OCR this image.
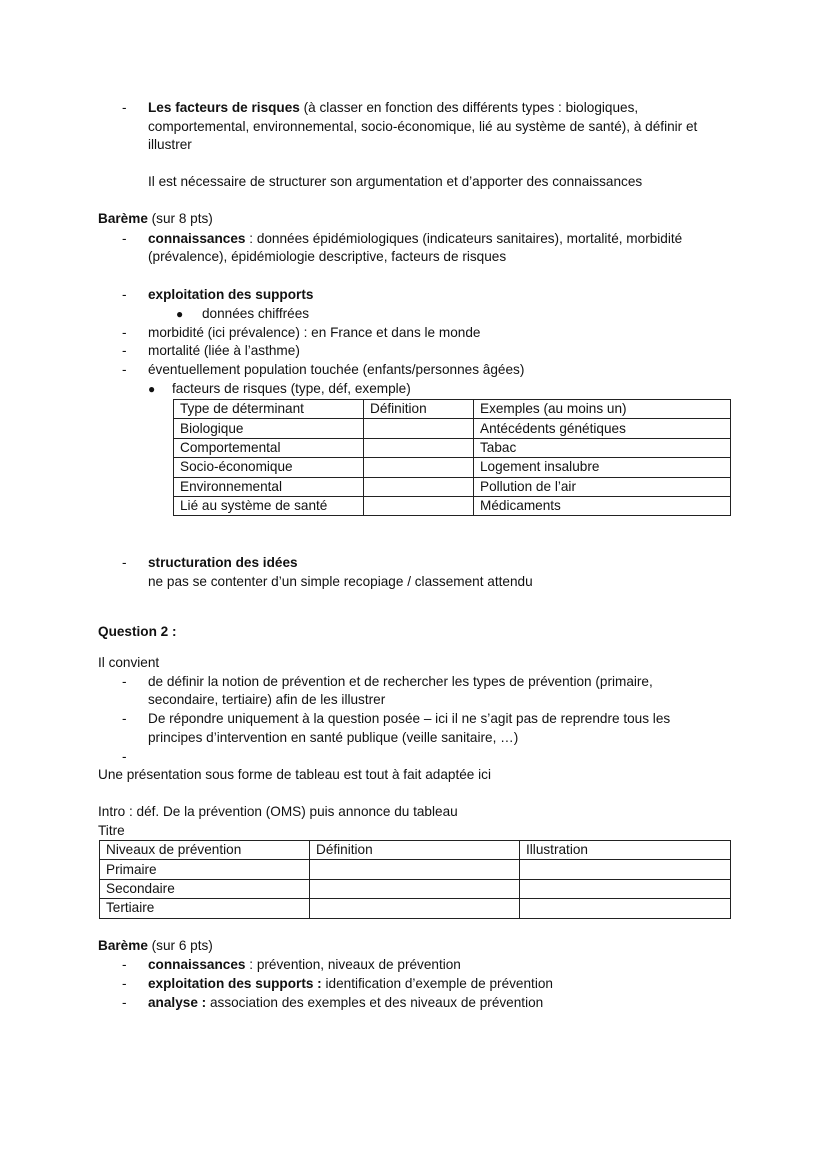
- Les facteurs de risques (à classer en fonction des différents types : biologiques,
comportemental, environnemental, socio-économique, lié au système de santé), à définir et
illustrer
Il est nécessaire de structurer son argumentation et d’apporter des connaissances
Barème (sur 8 pts)
- connaissances : données épidémiologiques (indicateurs sanitaires), mortalité, morbidité
(prévalence), épidémiologie descriptive, facteurs de risques
- exploitation des supports
● données chiffrées
- morbidité (ici prévalence) : en France et dans le monde
- mortalité (liée à l’asthme)
- éventuellement population touchée (enfants/personnes âgées)
● facteurs de risques (type, déf, exemple)
Type de déterminant	Définition	Exemples (au moins un)
Biologique		Antécédents génétiques
Comportemental		Tabac
Socio-économique		Logement insalubre
Environnemental		Pollution de l’air
Lié au système de santé		Médicaments
- structuration des idées
ne pas se contenter d’un simple recopiage / classement attendu
Question 2 :
Il convient
- de définir la notion de prévention et de rechercher les types de prévention (primaire,
secondaire, tertiaire) afin de les illustrer
- De répondre uniquement à la question posée – ici il ne s’agit pas de reprendre tous les
principes d’intervention en santé publique (veille sanitaire, …)
-
Une présentation sous forme de tableau est tout à fait adaptée ici
Intro : déf. De la prévention (OMS) puis annonce du tableau
Titre
Niveaux de prévention	Définition	Illustration
Primaire		
Secondaire		
Tertiaire		
Barème (sur 6 pts)
- connaissances : prévention, niveaux de prévention
- exploitation des supports : identification d’exemple de prévention
- analyse : association des exemples et des niveaux de prévention
